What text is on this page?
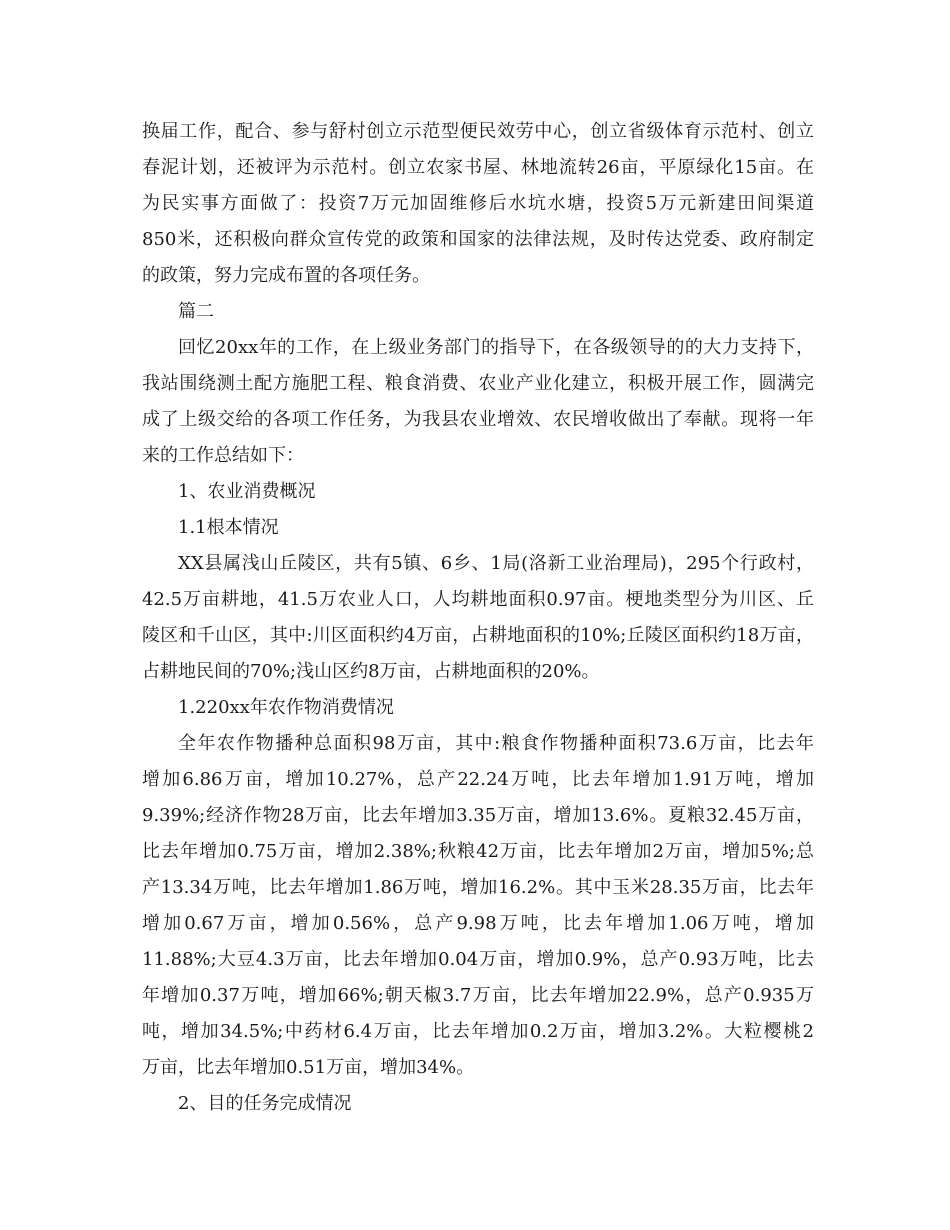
换届工作，配合、参与舒村创立示范型便民效劳中心，创立省级体育示范村、创立
春泥计划，还被评为示范村。创立农家书屋、林地流转26亩，平原绿化15亩。在
为民实事方面做了：投资7万元加固维修后水坑水塘，投资5万元新建田间渠道
850米，还积极向群众宣传党的政策和国家的法律法规，及时传达党委、政府制定
的政策，努力完成布置的各项任务。
篇二
回忆20xx年的工作，在上级业务部门的指导下，在各级领导的的大力支持下，
我站围绕测土配方施肥工程、粮食消费、农业产业化建立，积极开展工作，圆满完
成了上级交给的各项工作任务，为我县农业增效、农民增收做出了奉献。现将一年
来的工作总结如下：
1、农业消费概况
1.1根本情况
XX县属浅山丘陵区，共有5镇、6乡、1局(洛新工业治理局)，295个行政村，
42.5万亩耕地，41.5万农业人口，人均耕地面积0.97亩。梗地类型分为川区、丘
陵区和千山区，其中:川区面积约4万亩，占耕地面积的10%;丘陵区面积约18万亩，
占耕地民间的70%;浅山区约8万亩，占耕地面积的20%。
1.220xx年农作物消费情况
全年农作物播种总面积98万亩，其中:粮食作物播种面积73.6万亩，比去年
增加6.86万亩，增加10.27%，总产22.24万吨，比去年增加1.91万吨，增加
9.39%;经济作物28万亩，比去年增加3.35万亩，增加13.6%。夏粮32.45万亩，
比去年增加0.75万亩，增加2.38%;秋粮42万亩，比去年增加2万亩，增加5%;总
产13.34万吨，比去年增加1.86万吨，增加16.2%。其中玉米28.35万亩，比去年
增加0.67万亩，增加0.56%，总产9.98万吨，比去年增加1.06万吨，增加
11.88%;大豆4.3万亩，比去年增加0.04万亩，增加0.9%，总产0.93万吨，比去
年增加0.37万吨，增加66%;朝天椒3.7万亩，比去年增加22.9%，总产0.935万
吨，增加34.5%;中药材6.4万亩，比去年增加0.2万亩，增加3.2%。大粒樱桃2
万亩，比去年增加0.51万亩，增加34%。
2、目的任务完成情况
